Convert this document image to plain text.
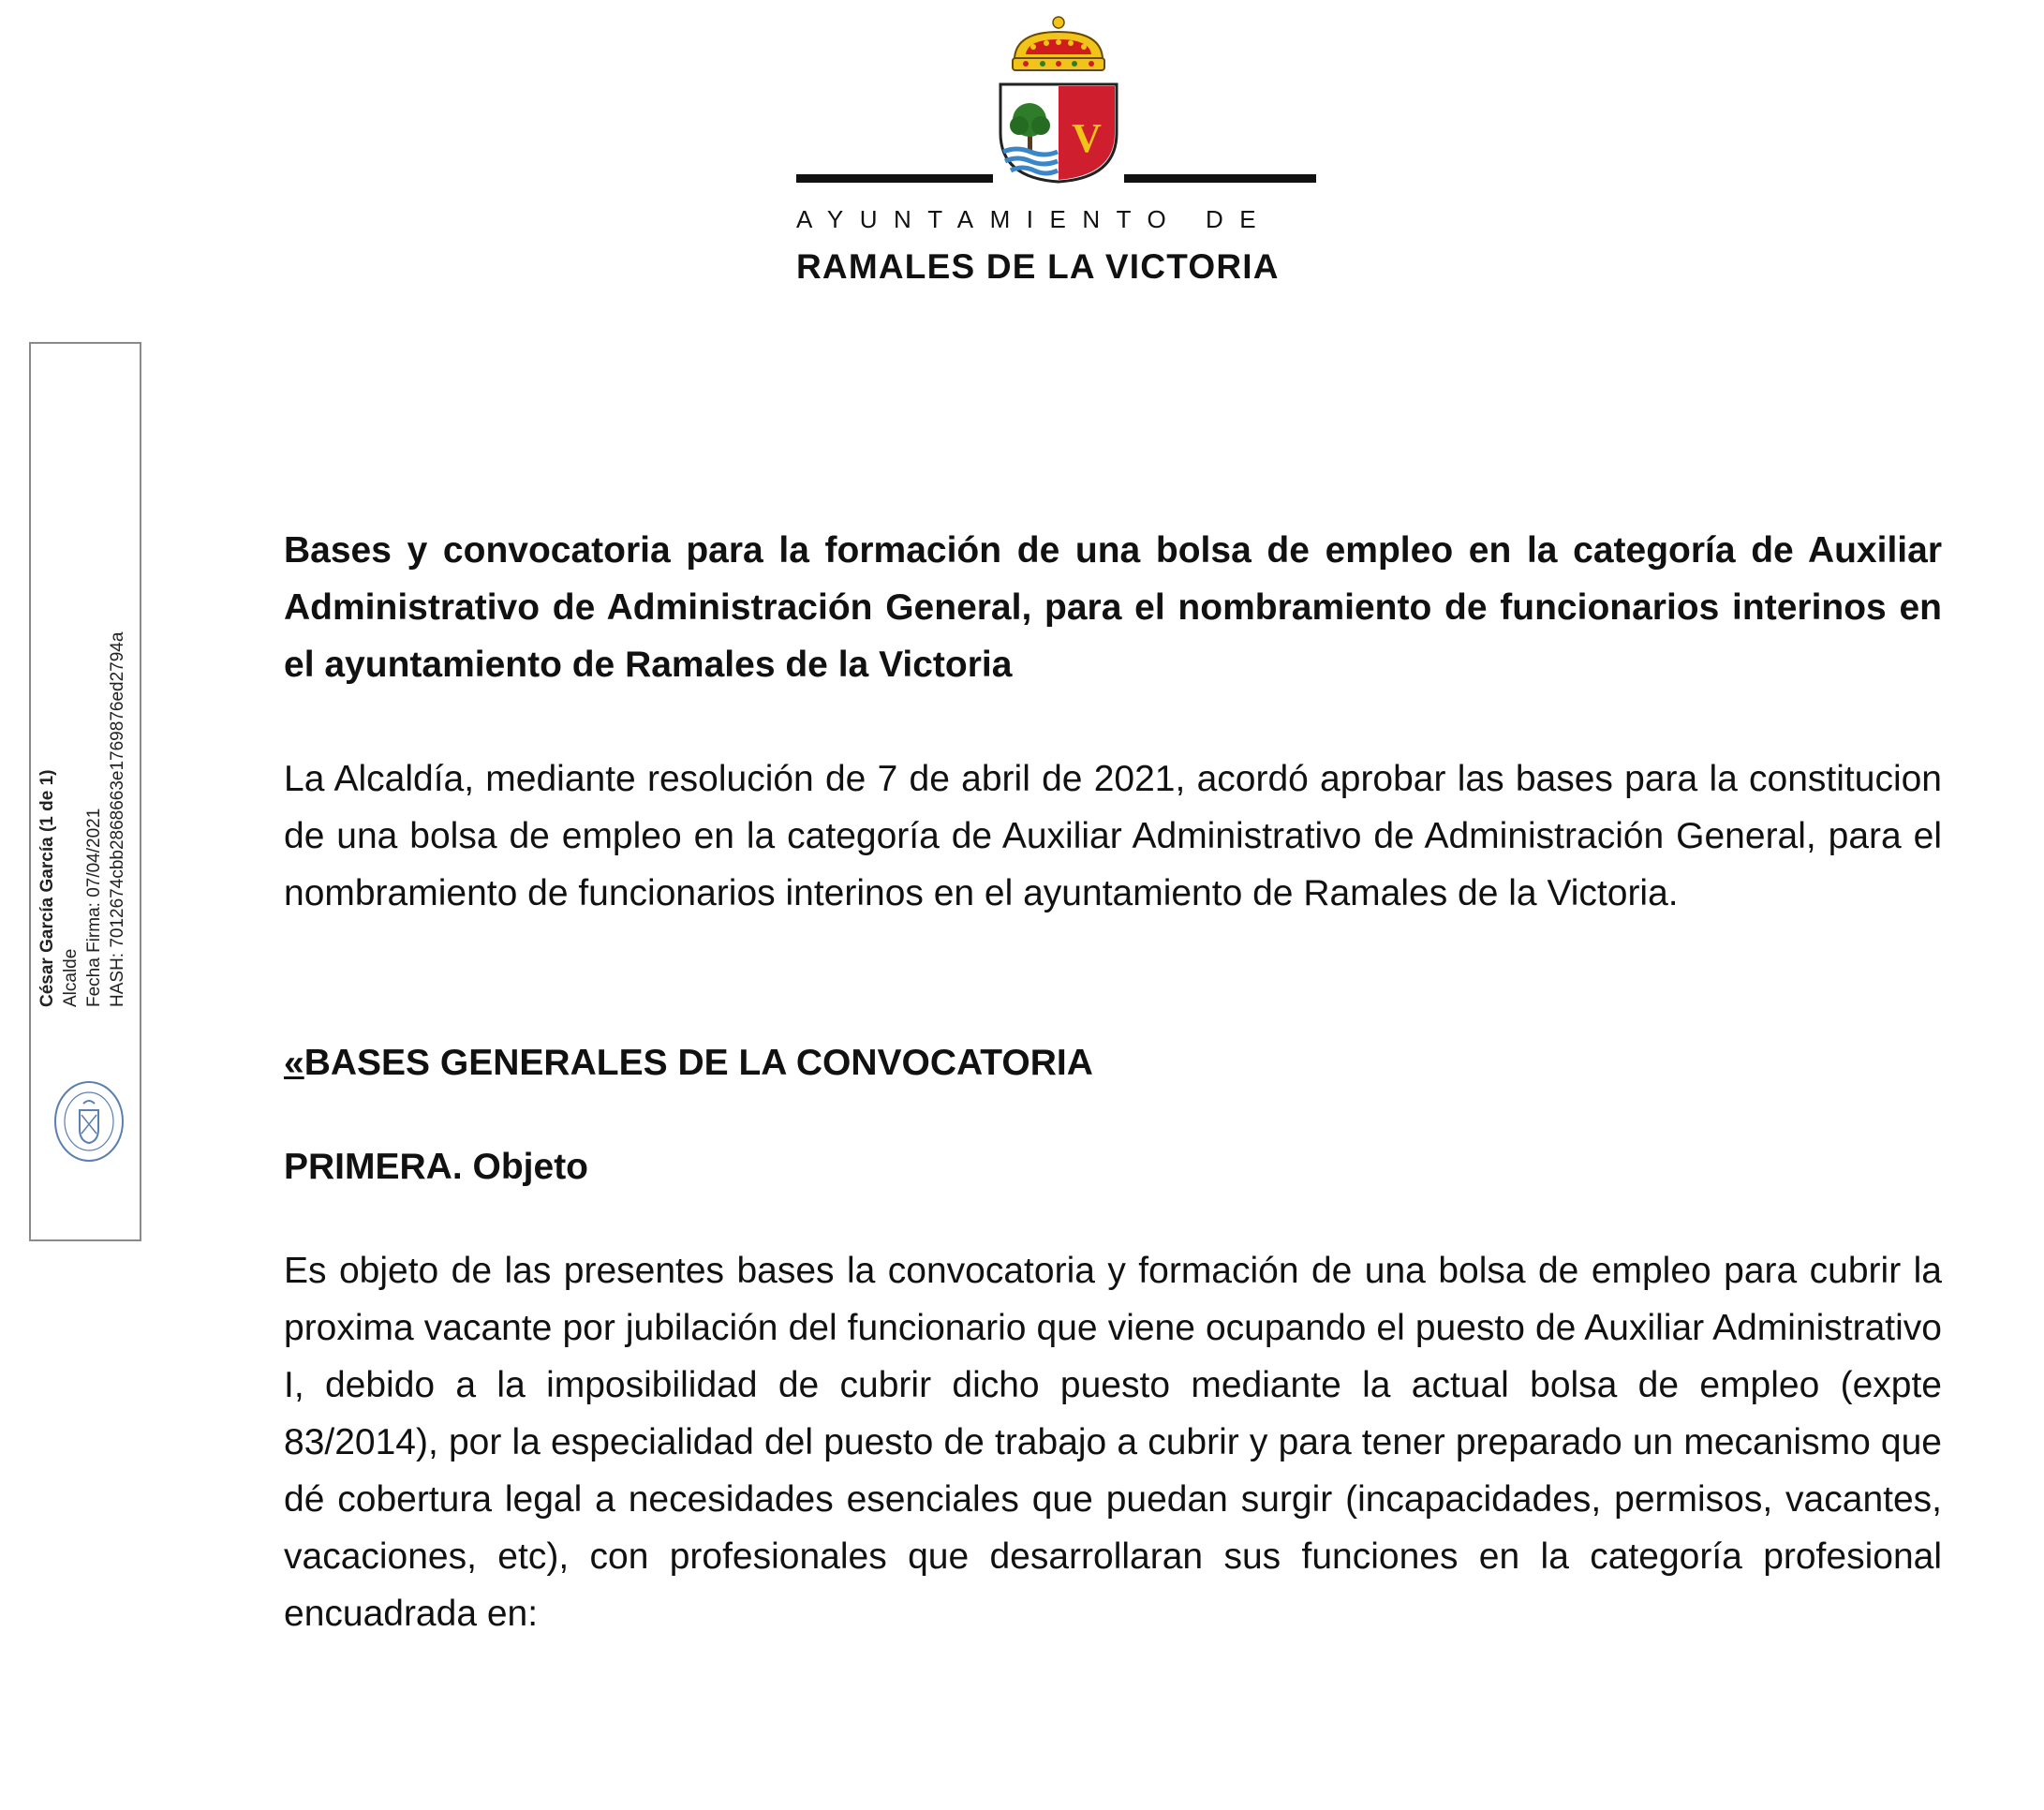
V
AYUNTAMIENTO DE
RAMALES DE LA VICTORIA
César García García (1 de 1) Alcalde Fecha Firma: 07/04/2021 HASH: 7012674cbb2868663e1769876ed2794a

Bases y convocatoria para la formación de una bolsa de empleo en la categoría de Auxiliar Administrativo de Administración General, para el nombramiento de funcionarios interinos en el ayuntamiento de Ramales de la Victoria

La Alcaldía, mediante resolución de 7 de abril de 2021, acordó aprobar las bases para la constitucion de una bolsa de empleo en la categoría de Auxiliar Administrativo de Administración General, para el nombramiento de funcionarios interinos en el ayuntamiento de Ramales de la Victoria.

«BASES GENERALES DE LA CONVOCATORIA

PRIMERA. Objeto

Es objeto de las presentes bases la convocatoria y formación de una bolsa de empleo para cubrir la proxima vacante por jubilación del funcionario que viene ocupando el puesto de Auxiliar Administrativo I, debido a la imposibilidad de cubrir dicho puesto mediante la actual bolsa de empleo (expte 83/2014), por la especialidad del puesto de trabajo a cubrir y para tener preparado un mecanismo que dé cobertura legal a necesidades esenciales que puedan surgir (incapacidades, permisos, vacantes, vacaciones, etc), con profesionales que desarrollaran sus funciones en la categoría profesional encuadrada en:
